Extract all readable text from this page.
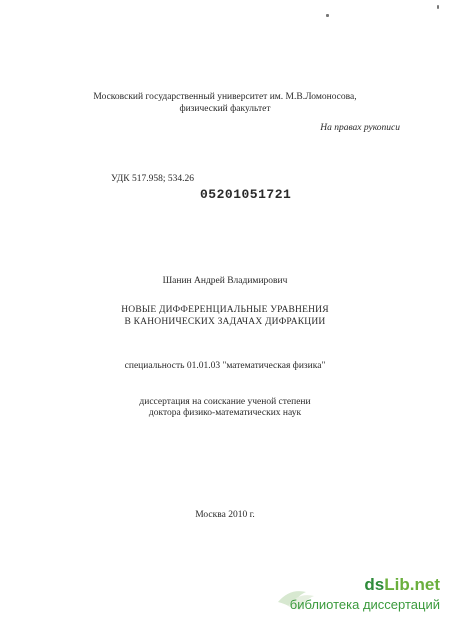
Московский государственный университет им. М.В.Ломоносова,
физический факультет
На правах рукописи
УДК 517.958; 534.26
05201051721
Шанин Андрей Владимирович
НОВЫЕ ДИФФЕРЕНЦИАЛЬНЫЕ УРАВНЕНИЯ
В КАНОНИЧЕСКИХ ЗАДАЧАХ ДИФРАКЦИИ
специальность 01.01.03 "математическая физика"
диссертация на соискание ученой степени
доктора физико-математических наук
Москва 2010 г.
dsLib.net
библиотека диссертаций
